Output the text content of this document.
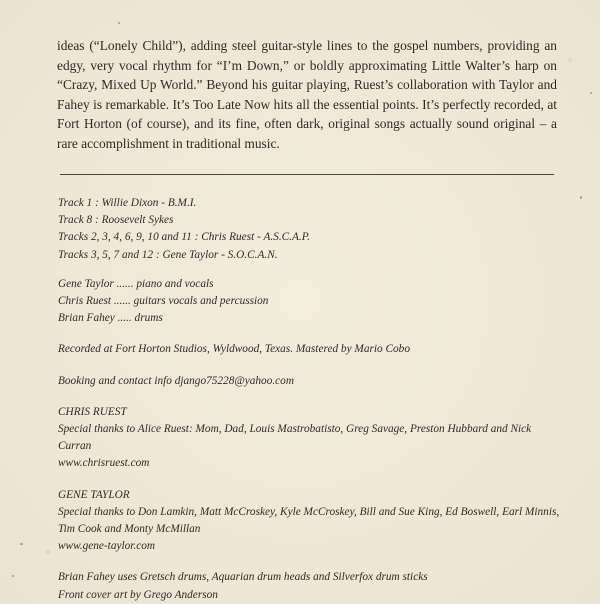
ideas (“Lonely Child”), adding steel guitar-style lines to the gospel numbers, providing an edgy, very vocal rhythm for “I’m Down,” or boldly approximating Little Walter’s harp on “Crazy, Mixed Up World.” Beyond his guitar playing, Ruest’s collaboration with Taylor and Fahey is remarkable. It’s Too Late Now hits all the essential points. It’s perfectly recorded, at Fort Horton (of course), and its fine, often dark, original songs actually sound original – a rare accomplishment in traditional music.

Track 1 : Willie Dixon - B.M.I.
Track 8 : Roosevelt Sykes
Tracks 2, 3, 4, 6, 9, 10 and 11 : Chris Ruest - A.S.C.A.P.
Tracks 3, 5, 7 and 12 : Gene Taylor - S.O.C.A.N.
Gene Taylor ...... piano and vocals
Chris Ruest ...... guitars vocals and percussion
Brian Fahey ..... drums
Recorded at Fort Horton Studios, Wyldwood, Texas. Mastered by Mario Cobo
Booking and contact info django75228@yahoo.com
CHRIS RUEST
Special thanks to Alice Ruest: Mom, Dad, Louis Mastrobatisto, Greg Savage, Preston Hubbard and Nick Curran
www.chrisruest.com
GENE TAYLOR
Special thanks to Don Lamkin, Matt McCroskey, Kyle McCroskey, Bill and Sue King, Ed Boswell, Earl Minnis, Tim Cook and Monty McMillan
www.gene-taylor.com
Brian Fahey uses Gretsch drums, Aquarian drum heads and Silverfox drum sticks
Front cover art by Grego Anderson
